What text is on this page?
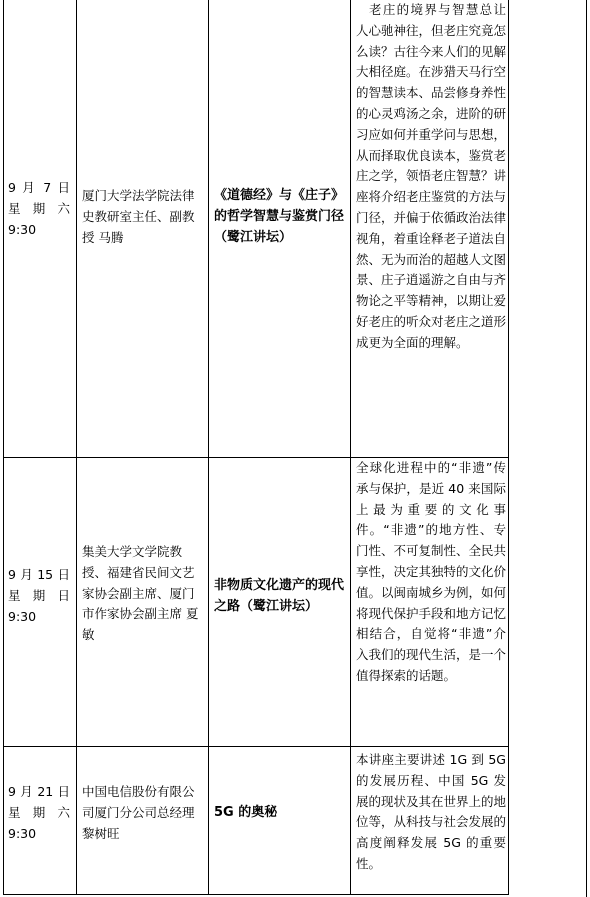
9 月 7 日 星期六 9:30
厦门大学法学院法律史教研室主任、副教授 马腾
《道德经》与《庄子》的哲学智慧与鉴赏门径（鹭江讲坛）
老庄的境界与智慧总让人心驰神往，但老庄究竟怎么读？古往今来人们的见解大相径庭。在涉猎天马行空的智慧读本、品尝修身养性的心灵鸡汤之余，进阶的研习应如何并重学问与思想，从而择取优良读本，鉴赏老庄之学，领悟老庄智慧？讲座将介绍老庄鉴赏的方法与门径，并偏于依循政治法律视角，着重诠释老子道法自然、无为而治的超越人文图景、庄子逍遥游之自由与齐物论之平等精神，以期让爱好老庄的听众对老庄之道形成更为全面的理解。
9月15日 星期日 9:30
集美大学文学院教授、福建省民间文艺家协会副主席、厦门市作家协会副主席 夏敏
非物质文化遗产的现代之路（鹭江讲坛）
全球化进程中的“非遗”传承与保护，是近 40 来国际上最为重要的文化事件。“非遗”的地方性、专门性、不可复制性、全民共享性，决定其独特的文化价值。以闽南城乡为例，如何将现代保护手段和地方记忆相结合，自觉将“非遗”介入我们的现代生活，是一个值得探索的话题。
9 月 21 日 星期六 9:30
中国电信股份有限公司厦门分公司总经理 黎树旺
5G 的奥秘
本讲座主要讲述 1G 到 5G 的发展历程、中国 5G 发展的现状及其在世界上的地位等，从科技与社会发展的高度阐释发展 5G 的重要性。
